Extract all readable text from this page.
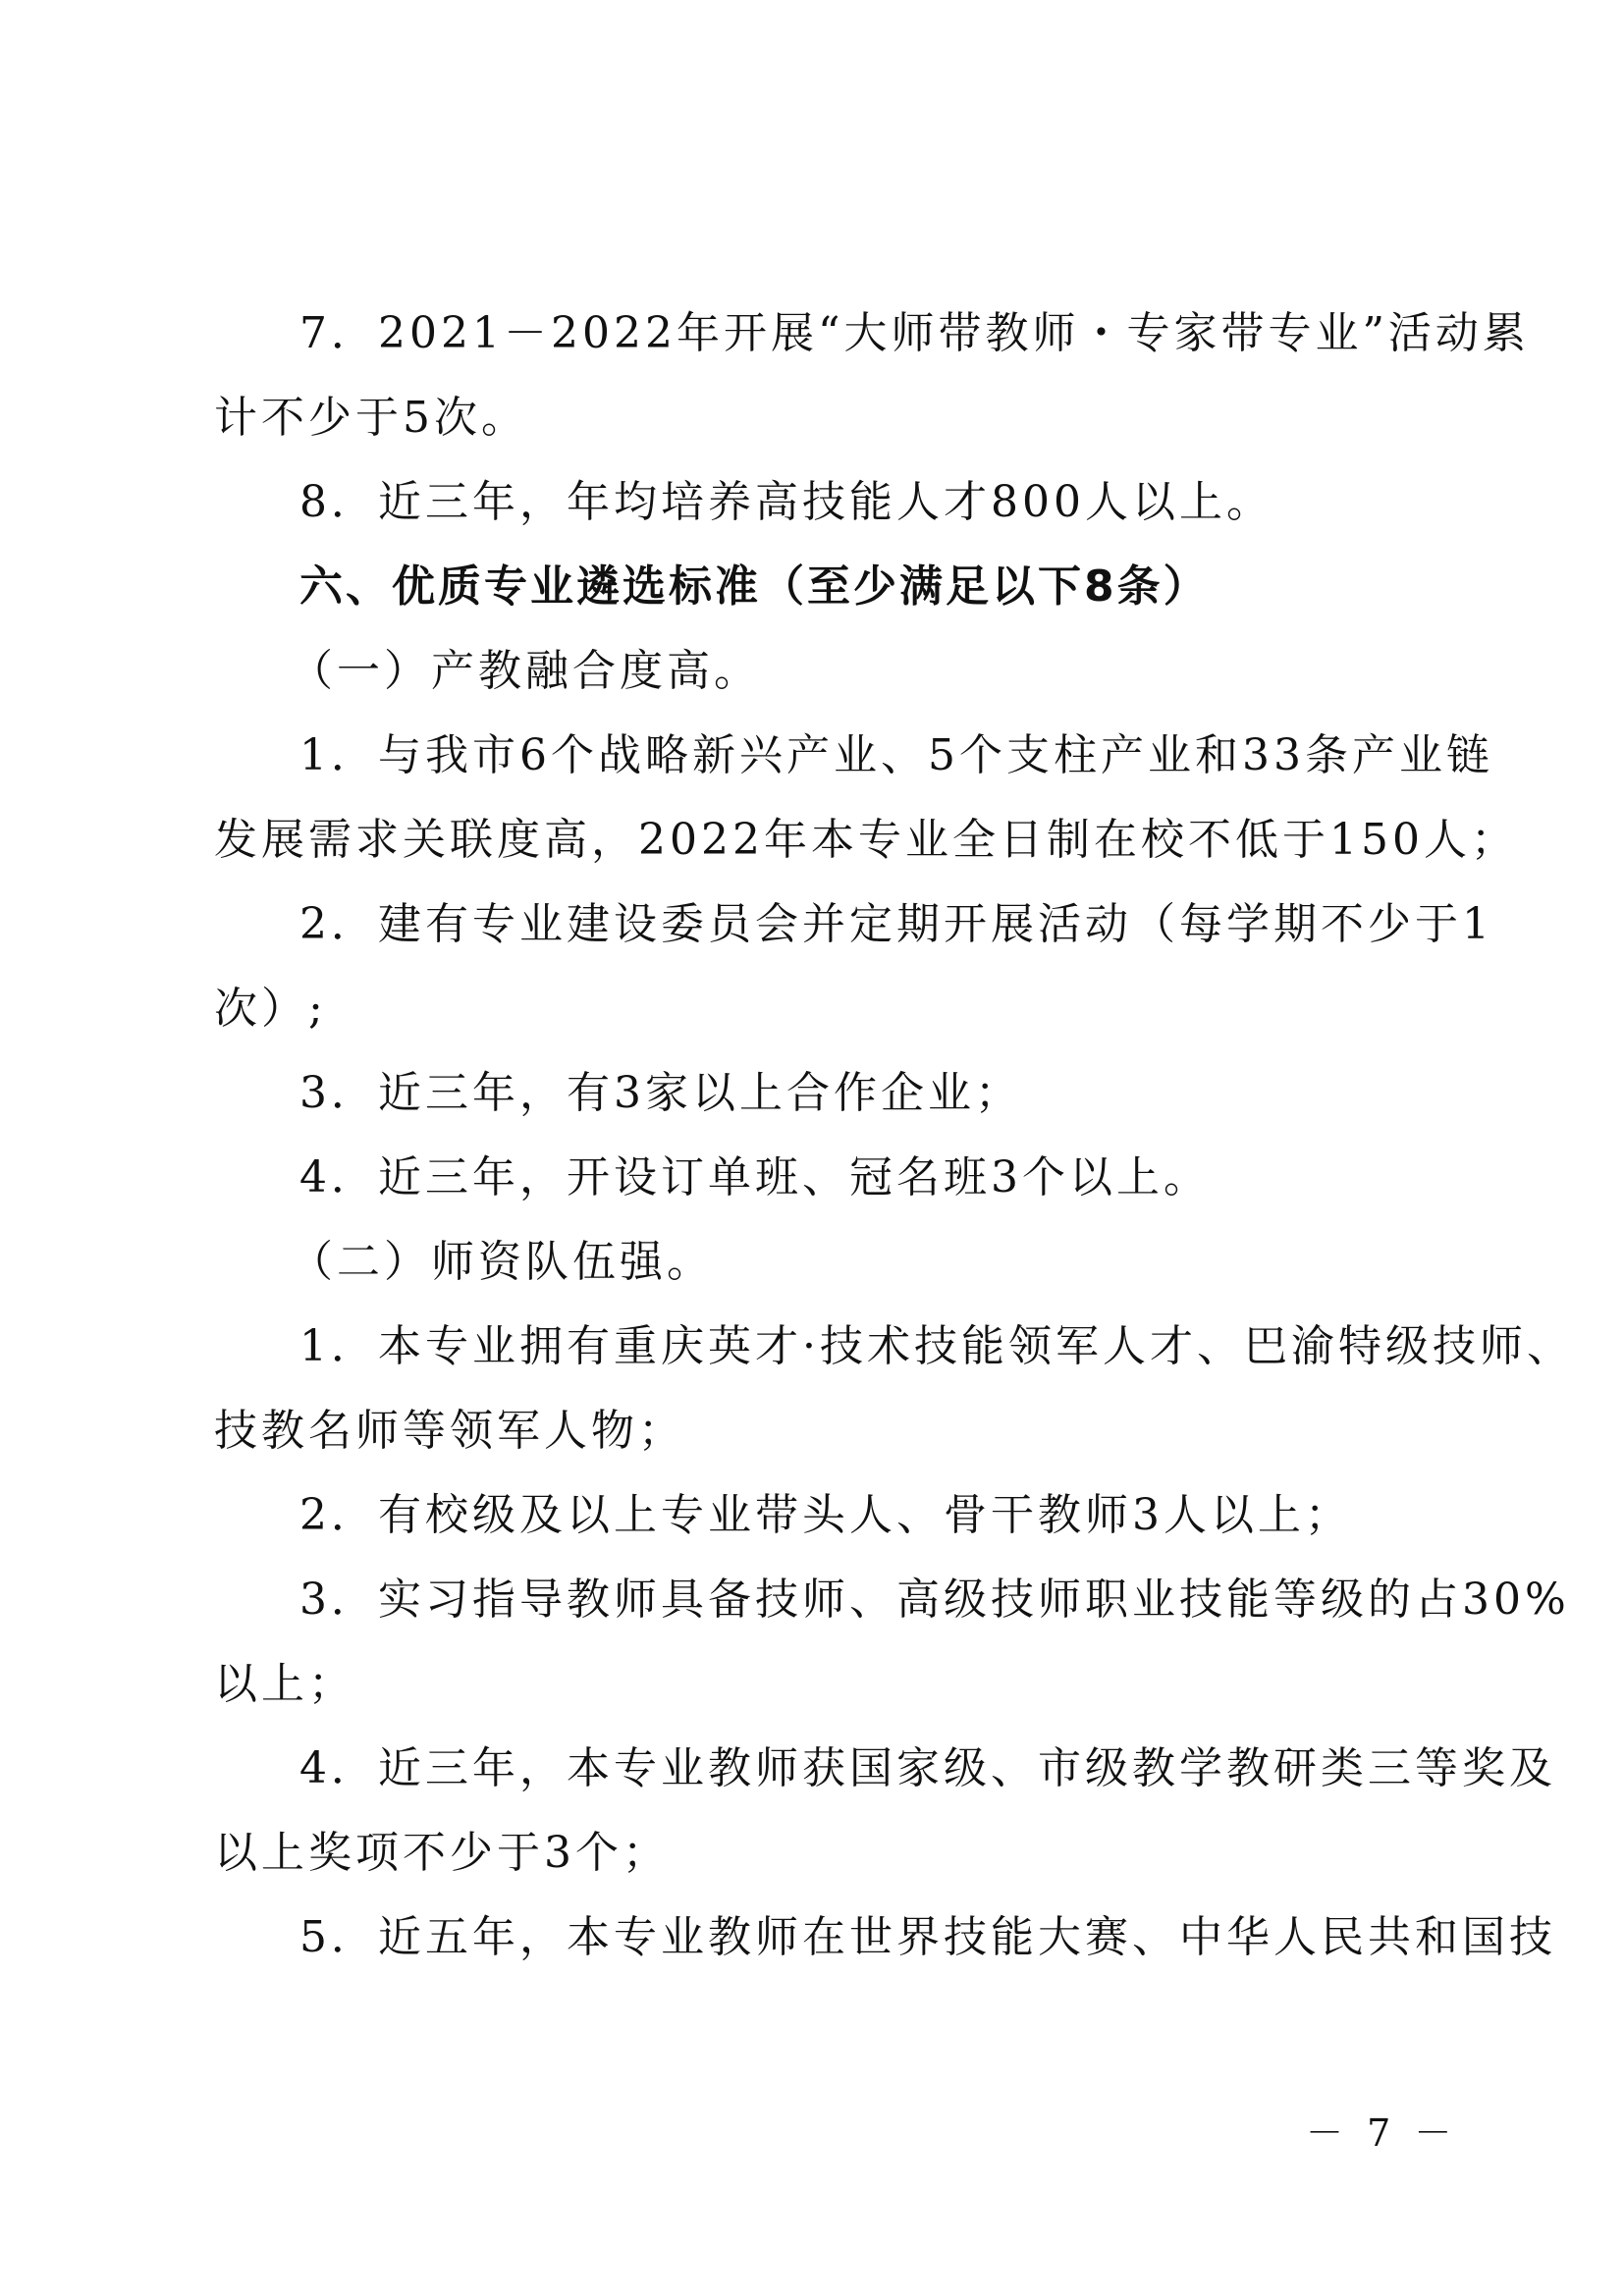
7．2021－2022年开展“大师带教师・专家带专业”活动累
计不少于5次。
8．近三年，年均培养高技能人才800人以上。
六、优质专业遴选标准（至少满足以下8条）
（一）产教融合度高。
1．与我市6个战略新兴产业、5个支柱产业和33条产业链
发展需求关联度高，2022年本专业全日制在校不低于150人；
2．建有专业建设委员会并定期开展活动（每学期不少于1
次）;
3．近三年，有3家以上合作企业；
4．近三年，开设订单班、冠名班3个以上。
（二）师资队伍强。
1．本专业拥有重庆英才·技术技能领军人才、巴渝特级技师、
技教名师等领军人物；
2．有校级及以上专业带头人、骨干教师3人以上；
3．实习指导教师具备技师、高级技师职业技能等级的占30%
以上；
4．近三年，本专业教师获国家级、市级教学教研类三等奖及
以上奖项不少于3个；
5．近五年，本专业教师在世界技能大赛、中华人民共和国技
－ 7 －
